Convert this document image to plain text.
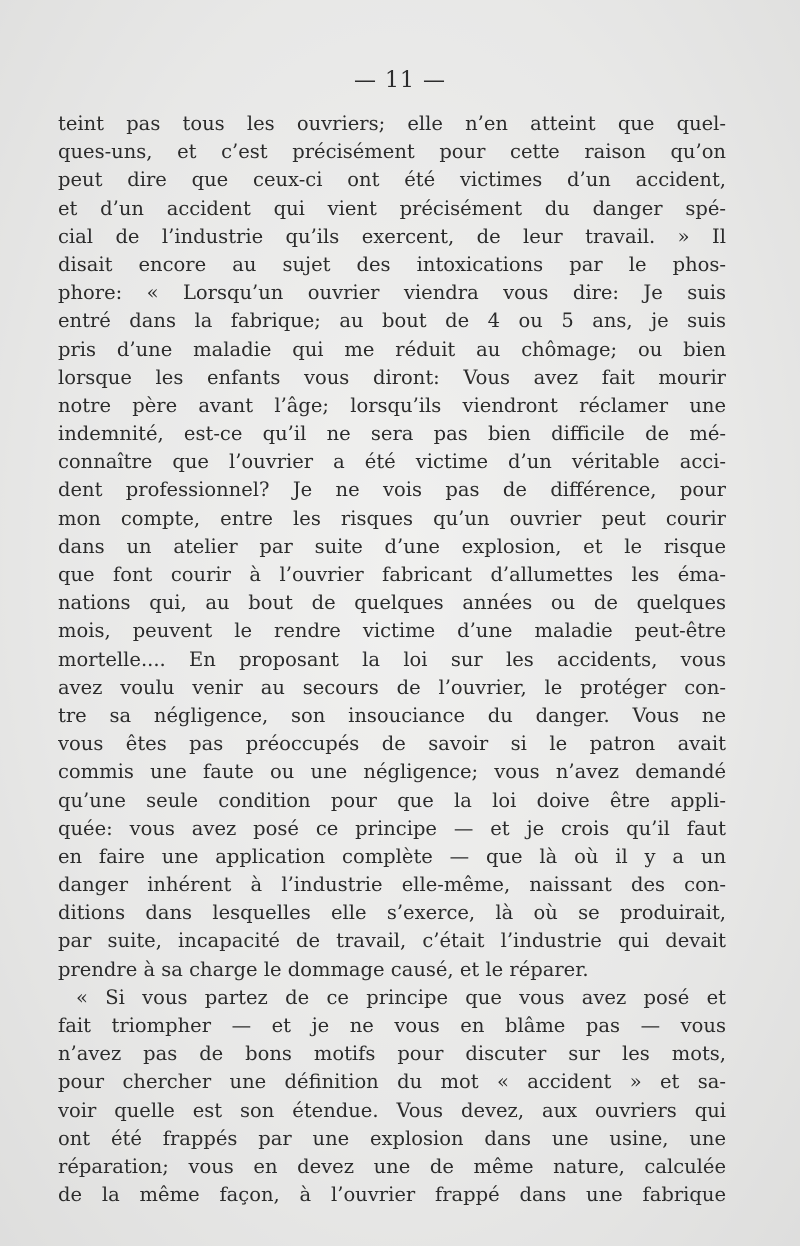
— 11 —
teint pas tous les ouvriers; elle n’en atteint que quel-
ques-uns, et c’est précisément pour cette raison qu’on
peut dire que ceux-ci ont été victimes d’un accident,
et d’un accident qui vient précisément du danger spé-
cial de l’industrie qu’ils exercent, de leur travail. » Il
disait encore au sujet des intoxications par le phos-
phore: « Lorsqu’un ouvrier viendra vous dire: Je suis
entré dans la fabrique; au bout de 4 ou 5 ans, je suis
pris d’une maladie qui me réduit au chômage; ou bien
lorsque les enfants vous diront: Vous avez fait mourir
notre père avant l’âge; lorsqu’ils viendront réclamer une
indemnité, est-ce qu’il ne sera pas bien difficile de mé-
connaître que l’ouvrier a été victime d’un véritable acci-
dent professionnel? Je ne vois pas de différence, pour
mon compte, entre les risques qu’un ouvrier peut courir
dans un atelier par suite d’une explosion, et le risque
que font courir à l’ouvrier fabricant d’allumettes les éma-
nations qui, au bout de quelques années ou de quelques
mois, peuvent le rendre victime d’une maladie peut-être
mortelle.... En proposant la loi sur les accidents, vous
avez voulu venir au secours de l’ouvrier, le protéger con-
tre sa négligence, son insouciance du danger. Vous ne
vous êtes pas préoccupés de savoir si le patron avait
commis une faute ou une négligence; vous n’avez demandé
qu’une seule condition pour que la loi doive être appli-
quée: vous avez posé ce principe — et je crois qu’il faut
en faire une application complète — que là où il y a un
danger inhérent à l’industrie elle-même, naissant des con-
ditions dans lesquelles elle s’exerce, là où se produirait,
par suite, incapacité de travail, c’était l’industrie qui devait
prendre à sa charge le dommage causé, et le réparer.
« Si vous partez de ce principe que vous avez posé et
fait triompher — et je ne vous en blâme pas — vous
n’avez pas de bons motifs pour discuter sur les mots,
pour chercher une définition du mot « accident » et sa-
voir quelle est son étendue. Vous devez, aux ouvriers qui
ont été frappés par une explosion dans une usine, une
réparation; vous en devez une de même nature, calculée
de la même façon, à l’ouvrier frappé dans une fabrique
